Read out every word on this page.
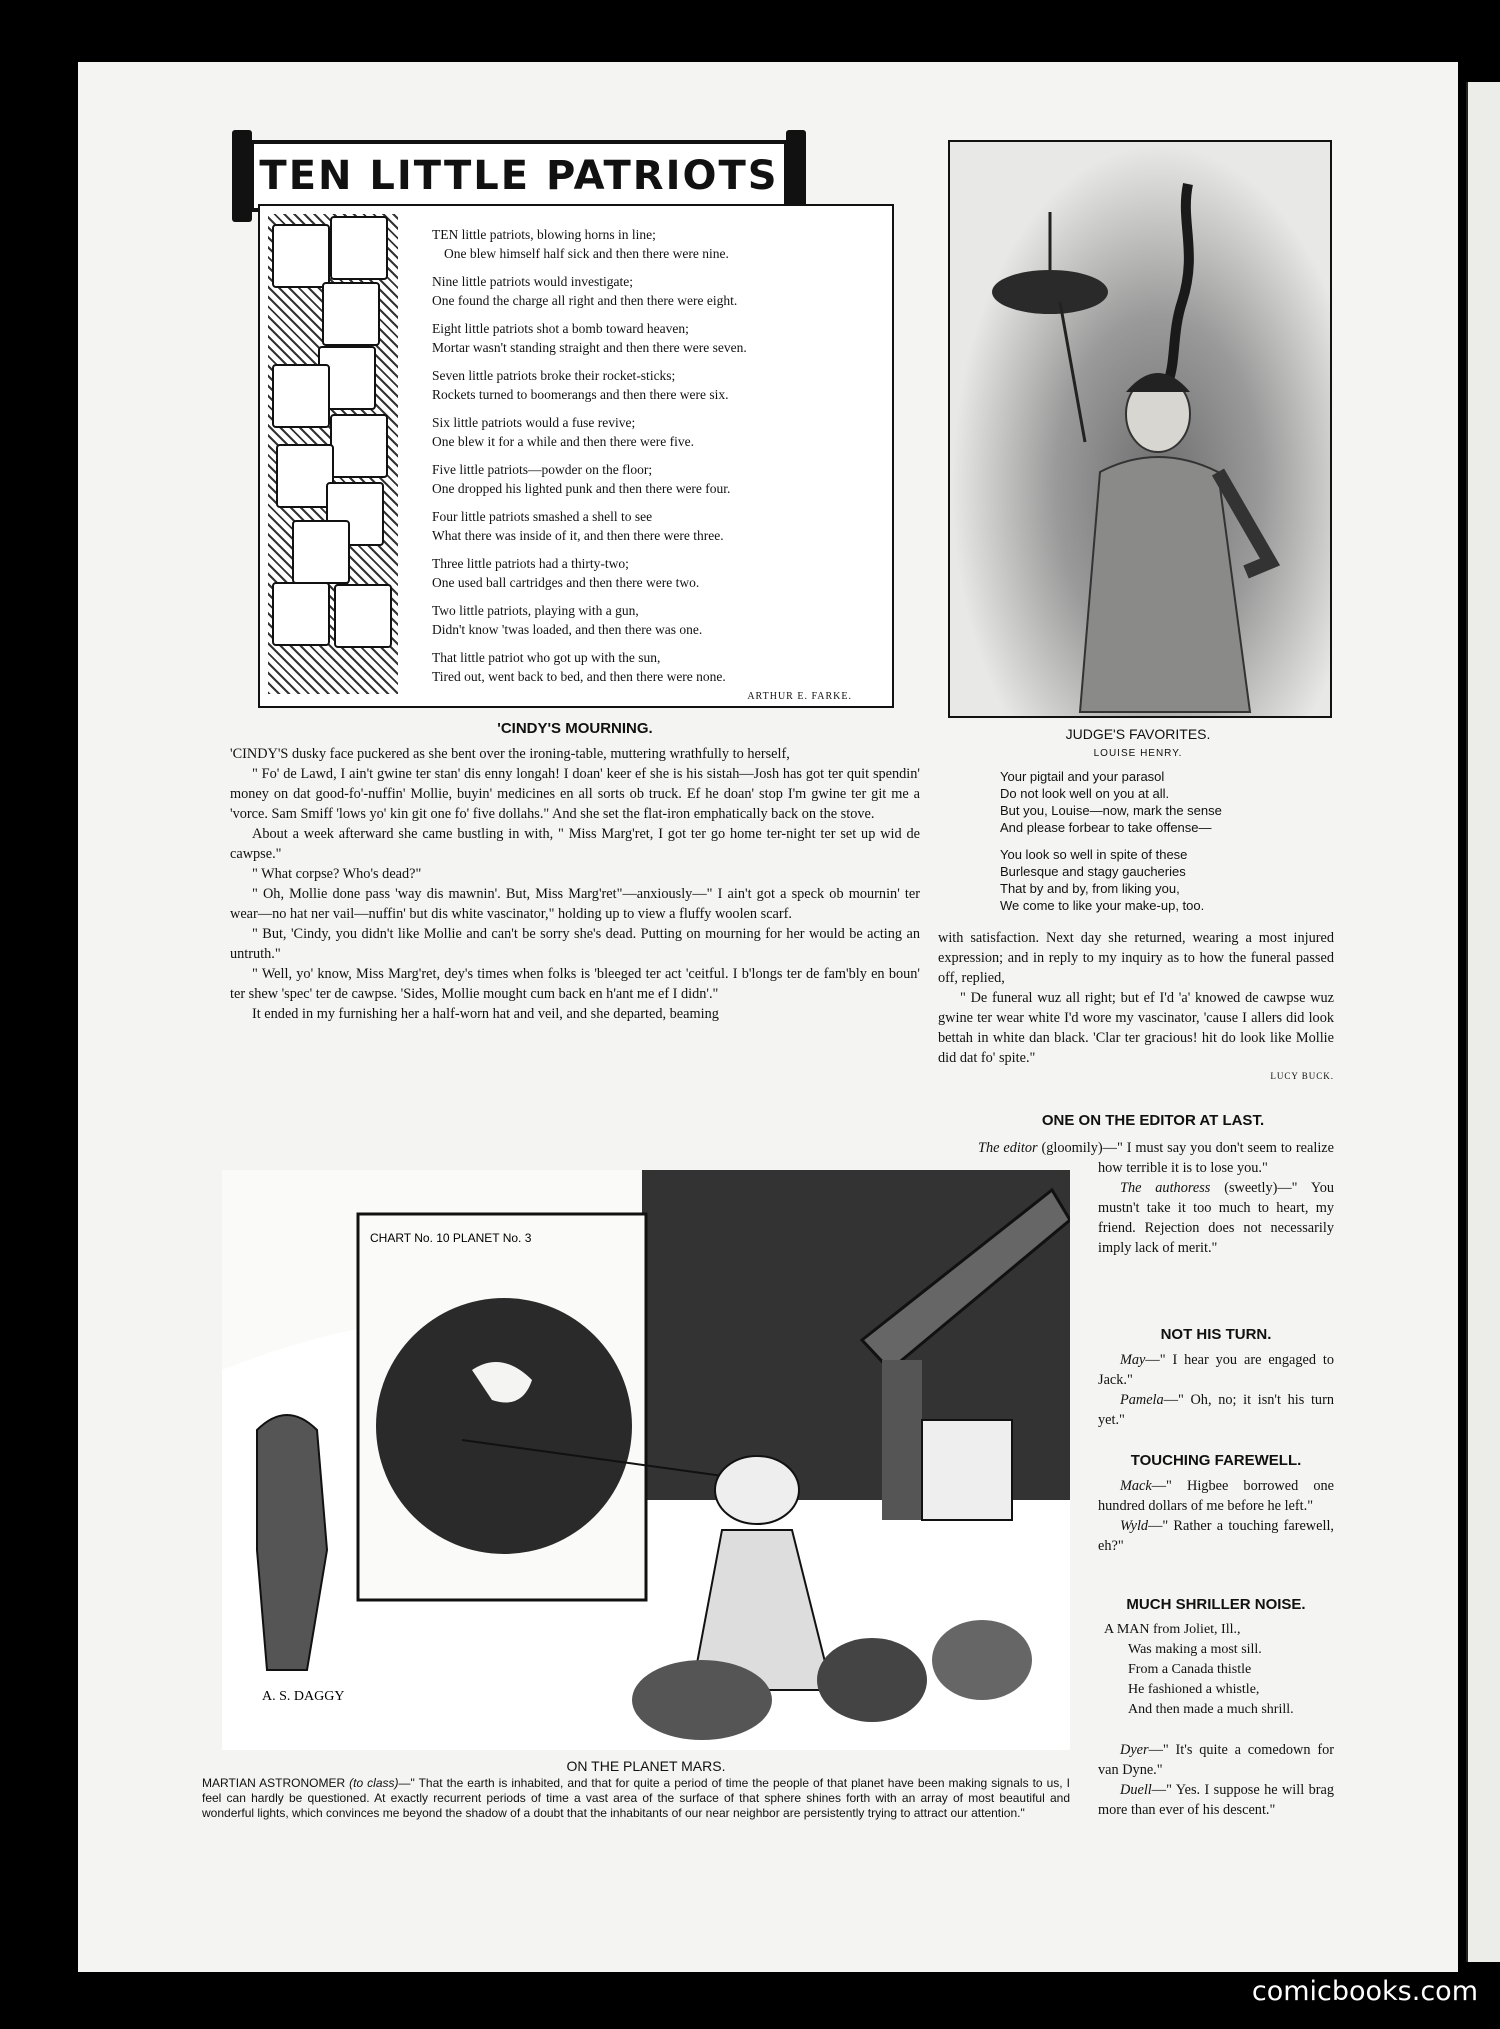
TEN LITTLE PATRIOTS
TEN little patriots, blowing horns in line;
One blew himself half sick and then there were nine.
Nine little patriots would investigate;
One found the charge all right and then there were eight.
Eight little patriots shot a bomb toward heaven;
Mortar wasn't standing straight and then there were seven.
Seven little patriots broke their rocket-sticks;
Rockets turned to boomerangs and then there were six.
Six little patriots would a fuse revive;
One blew it for a while and then there were five.
Five little patriots—powder on the floor;
One dropped his lighted punk and then there were four.
Four little patriots smashed a shell to see
What there was inside of it, and then there were three.
Three little patriots had a thirty-two;
One used ball cartridges and then there were two.
Two little patriots, playing with a gun,
Didn't know 'twas loaded, and then there was one.
That little patriot who got up with the sun,
Tired out, went back to bed, and then there were none.
ARTHUR E. FARKE.
JUDGE'S FAVORITES.
LOUISE HENRY.
Your pigtail and your parasol
Do not look well on you at all.
But you, Louise—now, mark the sense
And please forbear to take offense—
You look so well in spite of these
Burlesque and stagy gaucheries
That by and by, from liking you,
We come to like your make-up, too.
'CINDY'S MOURNING.

'CINDY'S dusky face puckered as she bent over the ironing-table, muttering wrathfully to herself,

" Fo' de Lawd, I ain't gwine ter stan' dis enny longah! I doan' keer ef she is his sistah—Josh has got ter quit spendin' money on dat good-fo'-nuffin' Mollie, buyin' medicines en all sorts ob truck. Ef he doan' stop I'm gwine ter git me a 'vorce. Sam Smiff 'lows yo' kin git one fo' five dollahs." And she set the flat-iron emphatically back on the stove.

About a week afterward she came bustling in with, " Miss Marg'ret, I got ter go home ter-night ter set up wid de cawpse."

" What corpse? Who's dead?"

" Oh, Mollie done pass 'way dis mawnin'. But, Miss Marg'ret"—anxiously—" I ain't got a speck ob mournin' ter wear—no hat ner vail—nuffin' but dis white vascinator," holding up to view a fluffy woolen scarf.

" But, 'Cindy, you didn't like Mollie and can't be sorry she's dead. Putting on mourning for her would be acting an untruth."

" Well, yo' know, Miss Marg'ret, dey's times when folks is 'bleeged ter act 'ceitful. I b'longs ter de fam'bly en boun' ter shew 'spec' ter de cawpse. 'Sides, Mollie mought cum back en h'ant me ef I didn'."

It ended in my furnishing her a half-worn hat and veil, and she departed, beaming

with satisfaction. Next day she returned, wearing a most injured expression; and in reply to my inquiry as to how the funeral passed off, replied,

" De funeral wuz all right; but ef I'd 'a' knowed de cawpse wuz gwine ter wear white I'd wore my vascinator, 'cause I allers did look bettah in white dan black. 'Clar ter gracious! hit do look like Mollie did dat fo' spite."

LUCY BUCK.
ONE ON THE EDITOR AT LAST.

The editor (gloomily)—" I must say you don't seem to realize how terrible it is to lose you."

The authoress (sweetly)—" You mustn't take it too much to heart, my friend. Rejection does not necessarily imply lack of merit."

NOT HIS TURN.

May—" I hear you are engaged to Jack."

Pamela—" Oh, no; it isn't his turn yet."

TOUCHING FAREWELL.

Mack—" Higbee borrowed one hundred dollars of me before he left."

Wyld—" Rather a touching farewell, eh?"

MUCH SHRILLER NOISE.
A MAN from Joliet, Ill.,
Was making a most sill.
From a Canada thistle
He fashioned a whistle,
And then made a much shrill.

Dyer—" It's quite a comedown for van Dyne."

Duell—" Yes. I suppose he will brag more than ever of his descent."

CHART No. 10 PLANET No. 3
A. S. DAGGY
ON THE PLANET MARS.
MARTIAN ASTRONOMER (to class)—" That the earth is inhabited, and that for quite a period of time the people of that planet have been making signals to us, I feel can hardly be questioned. At exactly recurrent periods of time a vast area of the surface of that sphere shines forth with an array of most beautiful and wonderful lights, which convinces me beyond the shadow of a doubt that the inhabitants of our near neighbor are persistently trying to attract our attention."
comicbooks.com
